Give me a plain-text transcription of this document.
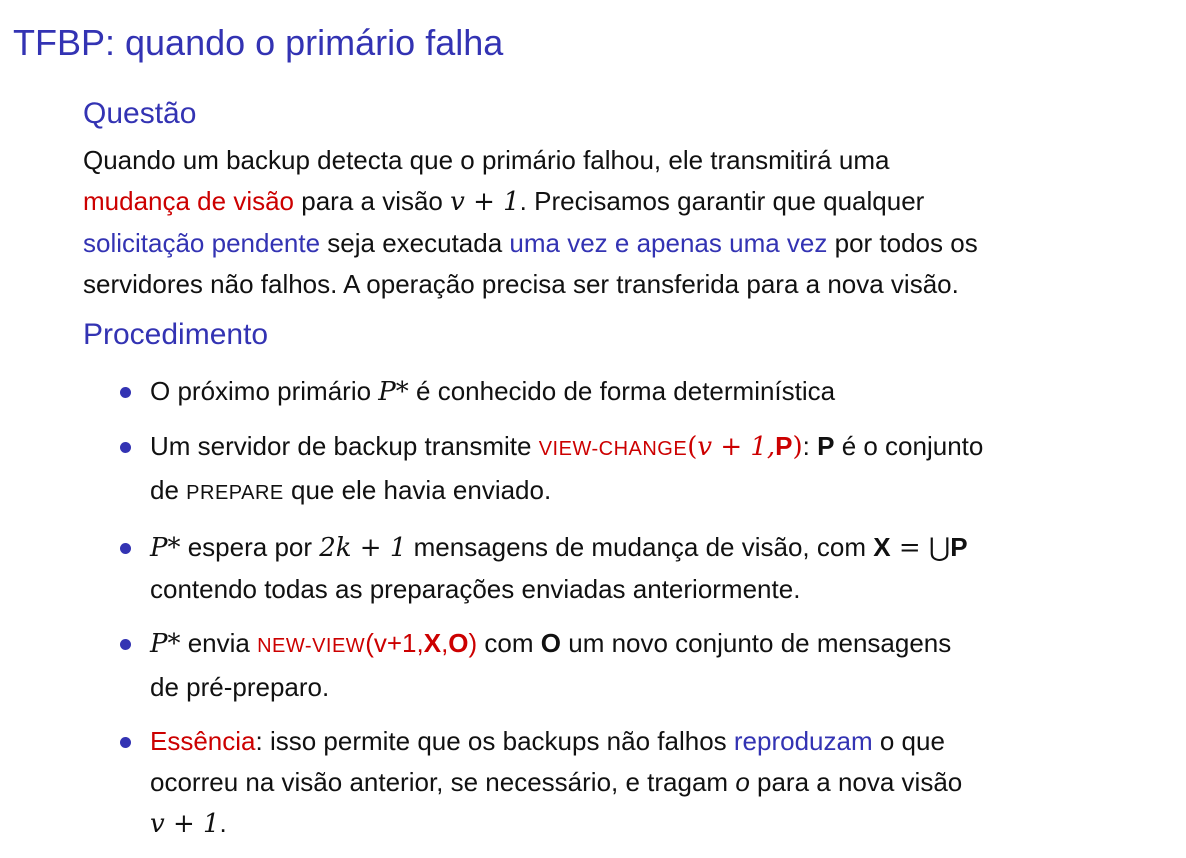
TFBP: quando o primário falha
Questão
Quando um backup detecta que o primário falhou, ele transmitirá uma
mudança de visão para a visão v + 1. Precisamos garantir que qualquer
solicitação pendente seja executada uma vez e apenas uma vez por todos os
servidores não falhos. A operação precisa ser transferida para a nova visão.
Procedimento
O próximo primário P* é conhecido de forma determinística
Um servidor de backup transmite VIEW-CHANGE(v + 1,P): P é o conjunto
de PREPARE que ele havia enviado.
P* espera por 2k + 1 mensagens de mudança de visão, com X = ⋃P
contendo todas as preparações enviadas anteriormente.
P* envia NEW-VIEW(v+1,X,O) com O um novo conjunto de mensagens
de pré-preparo.
Essência: isso permite que os backups não falhos reproduzam o que
ocorreu na visão anterior, se necessário, e tragam o para a nova visão
v + 1.
